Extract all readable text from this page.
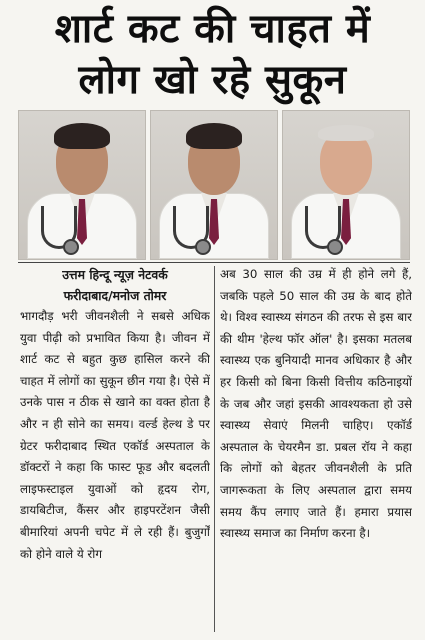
शार्ट कट की चाहत में
लोग खो रहे सुकून

उत्तम हिन्दू न्यूज़ नेटवर्क

फरीदाबाद/मनोज तोमर

भागदौड़ भरी जीवनशैली ने सबसे अधिक युवा पीढ़ी को प्रभावित किया है। जीवन में शार्ट कट से बहुत कुछ हासिल करने की चाहत में लोगों का सुकून छीन गया है। ऐसे में उनके पास न ठीक से खाने का वक्त होता है और न ही सोने का समय। वर्ल्ड हेल्थ डे पर ग्रेटर फरीदाबाद स्थित एकॉर्ड अस्पताल के डॉक्टरों ने कहा कि फास्ट फूड और बदलती लाइफस्टाइल युवाओं को हृदय रोग, डायबिटीज, कैंसर और हाइपरटेंशन जैसी बीमारियां अपनी चपेट में ले रही हैं। बुजुर्गों को होने वाले ये रोग

अब 30 साल की उम्र में ही होने लगे हैं, जबकि पहले 50 साल की उम्र के बाद होते थे। विश्व स्वास्थ्य संगठन की तरफ से इस बार की थीम 'हेल्थ फॉर ऑल' है। इसका मतलब स्वास्थ्य एक बुनियादी मानव अधिकार है और हर किसी को बिना किसी वित्तीय कठिनाइयों के जब और जहां इसकी आवश्यकता हो उसे स्वास्थ्य सेवाएं मिलनी चाहिए। एकॉर्ड अस्पताल के चेयरमैन डा. प्रबल रॉय ने कहा कि लोगों को बेहतर जीवनशैली के प्रति जागरूकता के लिए अस्पताल द्वारा समय समय कैंप लगाए जाते हैं। हमारा प्रयास स्वास्थ्य समाज का निर्माण करना है।
